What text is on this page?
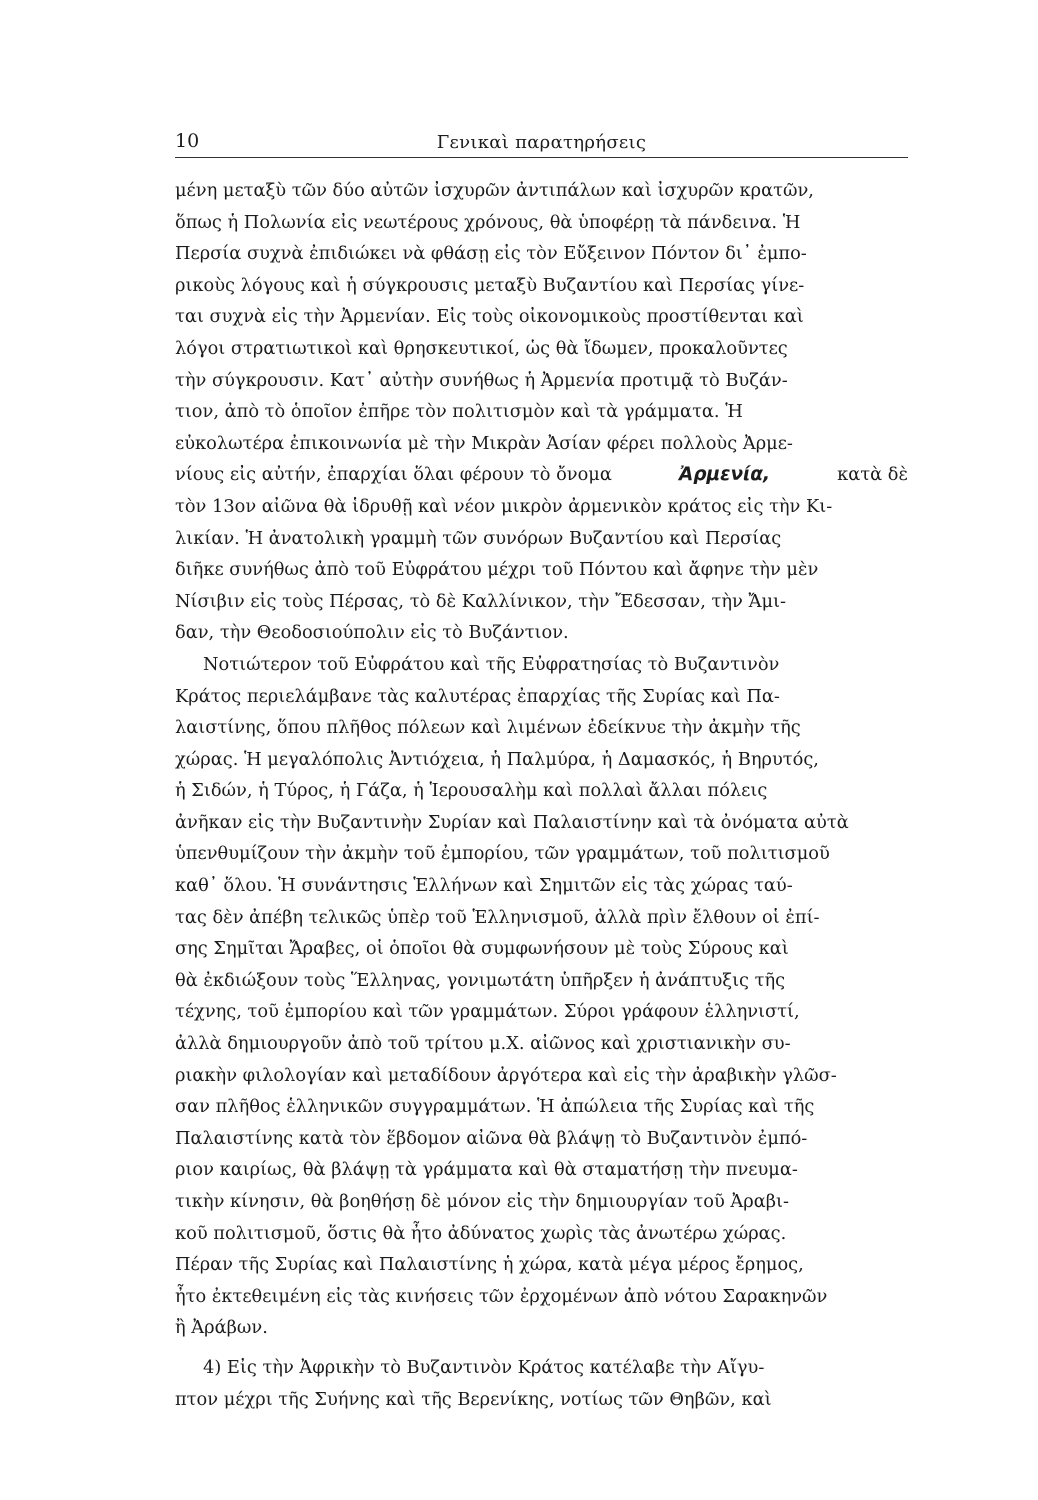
10	Γενικαὶ παρατηρήσεις
μένη μεταξὺ τῶν δύο αὐτῶν ἰσχυρῶν ἀντιπάλων καὶ ἰσχυρῶν κρατῶν,
ὅπως ἡ Πολωνία εἰς νεωτέρους χρόνους, θὰ ὑποφέρῃ τὰ πάνδεινα. Ἡ
Περσία συχνὰ ἐπιδιώκει νὰ φθάσῃ εἰς τὸν Εὔξεινον Πόντον δι᾽ ἐμπο-
ρικοὺς λόγους καὶ ἡ σύγκρουσις μεταξὺ Βυζαντίου καὶ Περσίας γίνε-
ται συχνὰ εἰς τὴν Ἀρμενίαν. Εἰς τοὺς οἰκονομικοὺς προστίθενται καὶ
λόγοι στρατιωτικοὶ καὶ θρησκευτικοί, ὡς θὰ ἴδωμεν, προκαλοῦντες
τὴν σύγκρουσιν. Κατ᾽ αὐτὴν συνήθως ἡ Ἀρμενία προτιμᾷ τὸ Βυζάν-
τιον, ἀπὸ τὸ ὁποῖον ἐπῆρε τὸν πολιτισμὸν καὶ τὰ γράμματα. Ἡ
εὐκολωτέρα ἐπικοινωνία μὲ τὴν Μικρὰν Ἀσίαν φέρει πολλοὺς Ἀρμε-
νίους εἰς αὐτήν, ἐπαρχίαι ὅλαι φέρουν τὸ ὄνομα	Ἀρμενία,	κατὰ δὲ
τὸν 13ον αἰῶνα θὰ ἱδρυθῇ καὶ νέον μικρὸν ἀρμενικὸν κράτος εἰς τὴν Κι-
λικίαν. Ἡ ἀνατολικὴ γραμμὴ τῶν συνόρων Βυζαντίου καὶ Περσίας
διῆκε συνήθως ἀπὸ τοῦ Εὐφράτου μέχρι τοῦ Πόντου καὶ ἄφηνε τὴν μὲν
Νίσιβιν εἰς τοὺς Πέρσας, τὸ δὲ Καλλίνικον, τὴν Ἔδεσσαν, τὴν Ἄμι-
δαν, τὴν Θεοδοσιούπολιν εἰς τὸ Βυζάντιον.
Νοτιώτερον τοῦ Εὐφράτου καὶ τῆς Εὐφρατησίας τὸ Βυζαντινὸν
Κράτος περιελάμβανε τὰς καλυτέρας ἐπαρχίας τῆς Συρίας καὶ Πα-
λαιστίνης, ὅπου πλῆθος πόλεων καὶ λιμένων ἐδείκνυε τὴν ἀκμὴν τῆς
χώρας. Ἡ μεγαλόπολις Ἀντιόχεια, ἡ Παλμύρα, ἡ Δαμασκός, ἡ Βηρυτός,
ἡ Σιδών, ἡ Τύρος, ἡ Γάζα, ἡ Ἱερουσαλὴμ καὶ πολλαὶ ἄλλαι πόλεις
ἀνῆκαν εἰς τὴν Βυζαντινὴν Συρίαν καὶ Παλαιστίνην καὶ τὰ ὀνόματα αὐτὰ
ὑπενθυμίζουν τὴν ἀκμὴν τοῦ ἐμπορίου, τῶν γραμμάτων, τοῦ πολιτισμοῦ
καθ᾽ ὅλου. Ἡ συνάντησις Ἑλλήνων καὶ Σημιτῶν εἰς τὰς χώρας ταύ-
τας δὲν ἀπέβη τελικῶς ὑπὲρ τοῦ Ἑλληνισμοῦ, ἀλλὰ πρὶν ἔλθουν οἱ ἐπί-
σης Σημῖται Ἄραβες, οἱ ὁποῖοι θὰ συμφωνήσουν μὲ τοὺς Σύρους καὶ
θὰ ἐκδιώξουν τοὺς Ἕλληνας, γονιμωτάτη ὑπῆρξεν ἡ ἀνάπτυξις τῆς
τέχνης, τοῦ ἐμπορίου καὶ τῶν γραμμάτων. Σύροι γράφουν ἑλληνιστί,
ἀλλὰ δημιουργοῦν ἀπὸ τοῦ τρίτου μ.Χ. αἰῶνος καὶ χριστιανικὴν συ-
ριακὴν φιλολογίαν καὶ μεταδίδουν ἀργότερα καὶ εἰς τὴν ἀραβικὴν γλῶσ-
σαν πλῆθος ἑλληνικῶν συγγραμμάτων. Ἡ ἀπώλεια τῆς Συρίας καὶ τῆς
Παλαιστίνης κατὰ τὸν ἕβδομον αἰῶνα θὰ βλάψῃ τὸ Βυζαντινὸν ἐμπό-
ριον καιρίως, θὰ βλάψῃ τὰ γράμματα καὶ θὰ σταματήσῃ τὴν πνευμα-
τικὴν κίνησιν, θὰ βοηθήσῃ δὲ μόνον εἰς τὴν δημιουργίαν τοῦ Ἀραβι-
κοῦ πολιτισμοῦ, ὅστις θὰ ἦτο ἀδύνατος χωρὶς τὰς ἀνωτέρω χώρας.
Πέραν τῆς Συρίας καὶ Παλαιστίνης ἡ χώρα, κατὰ μέγα μέρος ἔρημος,
ἦτο ἐκτεθειμένη εἰς τὰς κινήσεις τῶν ἐρχομένων ἀπὸ νότου Σαρακηνῶν
ἢ Ἀράβων.
4) Εἰς τὴν Ἀφρικὴν τὸ Βυζαντινὸν Κράτος κατέλαβε τὴν Αἴγυ-
πτον μέχρι τῆς Συήνης καὶ τῆς Βερενίκης, νοτίως τῶν Θηβῶν, καὶ
